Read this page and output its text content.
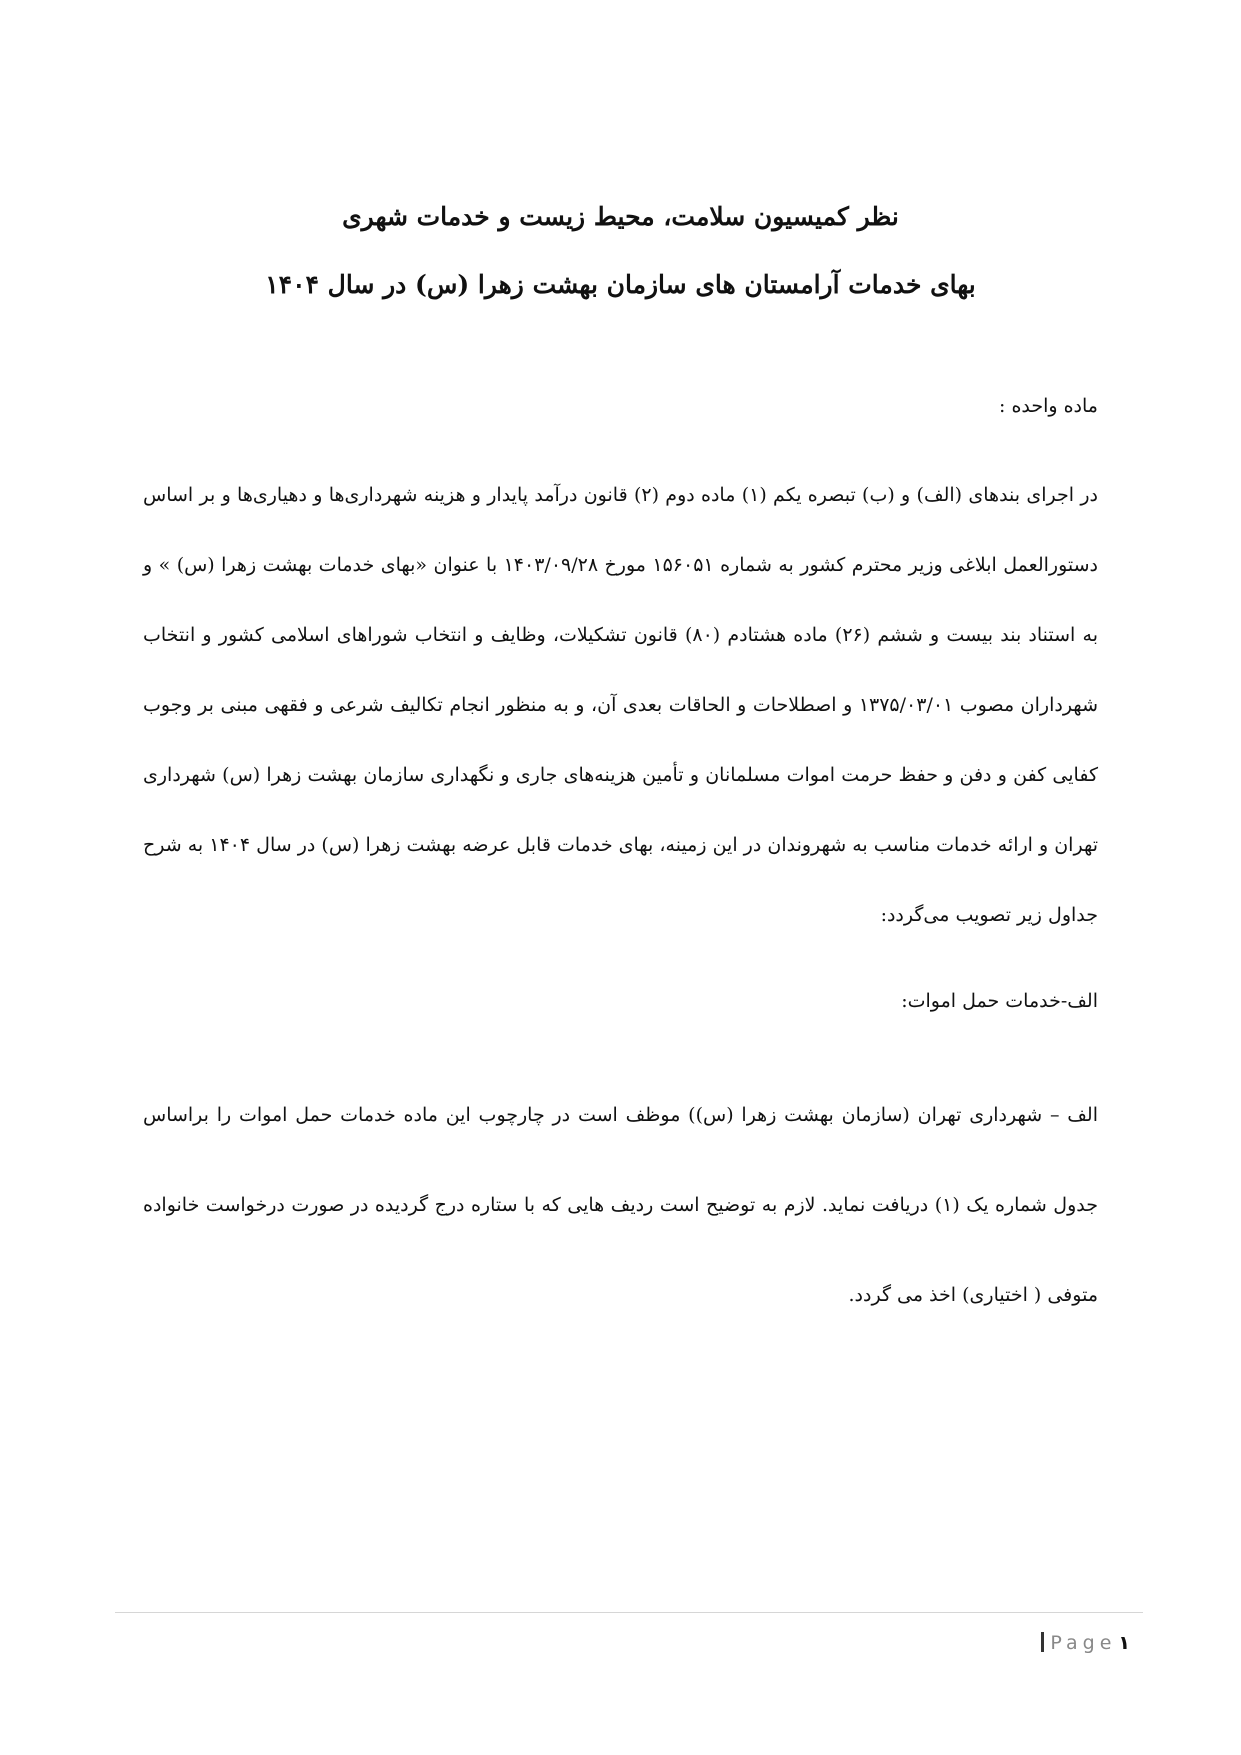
نظر کمیسیون سلامت، محیط زیست و خدمات شهری
بهای خدمات آرامستان های سازمان بهشت زهرا (س) در سال ۱۴۰۴
ماده واحده :
در اجرای بندهای (الف) و (ب) تبصره یکم (۱) ماده دوم (۲) قانون درآمد پایدار و هزینه شهرداری‌ها و دهیاری‌ها و بر اساس دستورالعمل ابلاغی وزیر محترم کشور به شماره ۱۵۶۰۵۱ مورخ ۱۴۰۳/۰۹/۲۸ با عنوان «بهای خدمات بهشت زهرا (س) » و به استناد بند بیست و ششم (۲۶) ماده هشتادم (۸۰) قانون تشکیلات، وظایف و انتخاب شوراهای اسلامی کشور و انتخاب شهرداران مصوب ۱۳۷۵/۰۳/۰۱ و اصطلاحات و الحاقات بعدی آن، و به منظور انجام تکالیف شرعی و فقهی مبنی بر وجوب کفایی کفن و دفن و حفظ حرمت اموات مسلمانان و تأمین هزینه‌های جاری و نگهداری سازمان بهشت زهرا (س) شهرداری تهران و ارائه خدمات مناسب به شهروندان در این زمینه، بهای خدمات قابل عرضه بهشت زهرا (س) در سال ۱۴۰۴ به شرح جداول زیر تصویب می‌گردد:
الف-خدمات حمل اموات:
الف – شهرداری تهران (سازمان بهشت زهرا (س)) موظف است در چارچوب این ماده خدمات حمل اموات را براساس جدول شماره یک (۱) دریافت نماید. لازم به توضیح است ردیف هایی که با ستاره درج گردیده در صورت درخواست خانواده متوفی ( اختیاری) اخذ می گردد.
Page ۱
